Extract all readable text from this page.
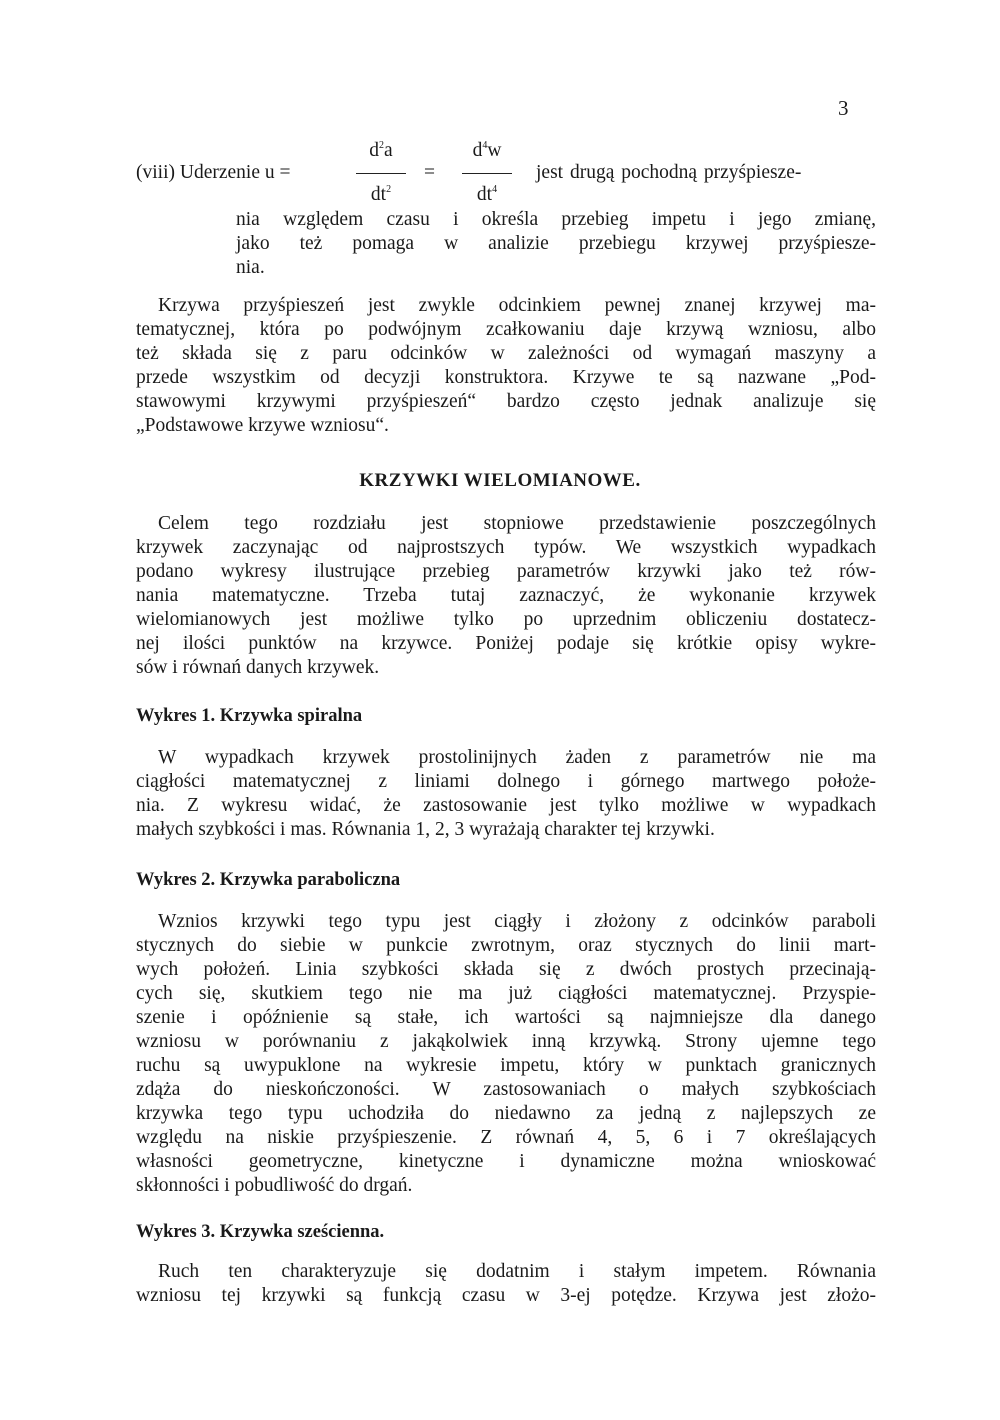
3
(viii) Uderzenie u =
$d^2a$
$dt^2$
=
$d^4w$
$dt^4$
jest drugą pochodną przyśpiesze-
nia względem czasu i określa przebieg impetu i jego zmianę,
jako też pomaga w analizie przebiegu krzywej przyśpiesze-
nia.
Krzywa przyśpieszeń jest zwykle odcinkiem pewnej znanej krzywej ma-
tematycznej, która po podwójnym zcałkowaniu daje krzywą wzniosu, albo
też składa się z paru odcinków w zależności od wymagań maszyny a
przede wszystkim od decyzji konstruktora. Krzywe te są nazwane „Pod-
stawowymi krzywymi przyśpieszeń“ bardzo często jednak analizuje się
„Podstawowe krzywe wzniosu“.
KRZYWKI WIELOMIANOWE.
Celem tego rozdziału jest stopniowe przedstawienie poszczególnych
krzywek zaczynając od najprostszych typów. We wszystkich wypadkach
podano wykresy ilustrujące przebieg parametrów krzywki jako też rów-
nania matematyczne. Trzeba tutaj zaznaczyć, że wykonanie krzywek
wielomianowych jest możliwe tylko po uprzednim obliczeniu dostatecz-
nej ilości punktów na krzywce. Poniżej podaje się krótkie opisy wykre-
sów i równań danych krzywek.
Wykres 1. Krzywka spiralna
W wypadkach krzywek prostolinijnych żaden z parametrów nie ma
ciągłości matematycznej z liniami dolnego i górnego martwego położe-
nia. Z wykresu widać, że zastosowanie jest tylko możliwe w wypadkach
małych szybkości i mas. Równania 1, 2, 3 wyrażają charakter tej krzywki.
Wykres 2. Krzywka paraboliczna
Wznios krzywki tego typu jest ciągły i złożony z odcinków paraboli
stycznych do siebie w punkcie zwrotnym, oraz stycznych do linii mart-
wych położeń. Linia szybkości składa się z dwóch prostych przecinają-
cych się, skutkiem tego nie ma już ciągłości matematycznej. Przyspie-
szenie i opóźnienie są stałe, ich wartości są najmniejsze dla danego
wzniosu w porównaniu z jakąkolwiek inną krzywką. Strony ujemne tego
ruchu są uwypuklone na wykresie impetu, który w punktach granicznych
zdąża do nieskończoności. W zastosowaniach o małych szybkościach
krzywka tego typu uchodziła do niedawno za jedną z najlepszych ze
względu na niskie przyśpieszenie. Z równań 4, 5, 6 i 7 określających
własności geometryczne, kinetyczne i dynamiczne można wnioskować
skłonności i pobudliwość do drgań.
Wykres 3. Krzywka sześcienna.
Ruch ten charakteryzuje się dodatnim i stałym impetem. Równania
wzniosu tej krzywki są funkcją czasu w 3-ej potędze. Krzywa jest złożo-
